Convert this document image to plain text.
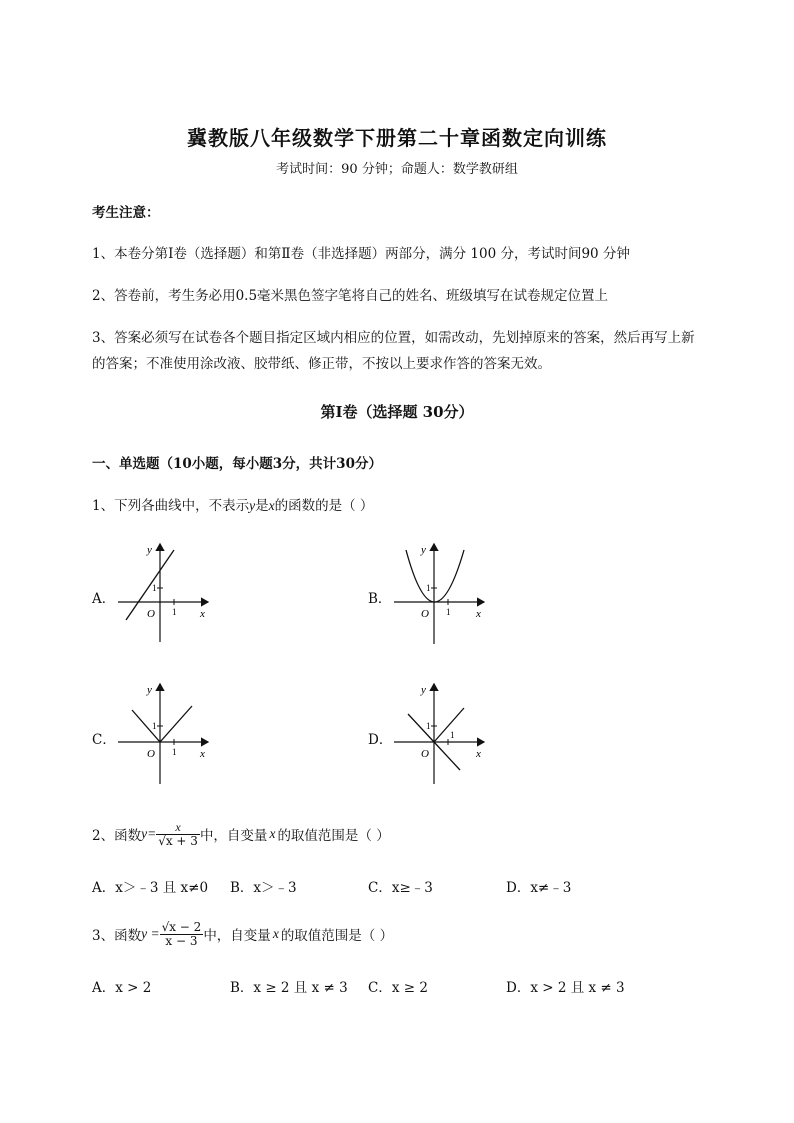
冀教版八年级数学下册第二十章函数定向训练
考试时间：90 分钟；命题人：数学教研组
考生注意：
1、本卷分第Ⅰ卷（选择题）和第Ⅱ卷（非选择题）两部分，满分 100 分，考试时间90 分钟
2、答卷前，考生务必用0.5毫米黑色签字笔将自己的姓名、班级填写在试卷规定位置上
3、答案必须写在试卷各个题目指定区域内相应的位置，如需改动，先划掉原来的答案，然后再写上新
的答案；不准使用涂改液、胶带纸、修正带，不按以上要求作答的答案无效。
第Ⅰ卷（选择题 30分）
一、单选题（10小题，每小题3分，共计30分）
1、下列各曲线中，不表示y是x的函数的是（ ）
A．	B．
C．	D．
y
x
O 1
1
y
x
O 1
1
y
x
O 1
1
y
x
O
1
1
2、函数 $y= \frac{x}{√x + 3}$ 中，自变量 x 的取值范围是（ ）
A．x＞﹣3 且 x≠0 B．x＞﹣3	C．x≥﹣3	D．x≠﹣3
3、函数 $y = \frac{√x - 2}{x - 3}$ 中，自变量 x 的取值范围是（ ）
A．x > 2	B．x ≥ 2 且 x ≠ 3 C．x ≥ 2	D．x > 2 且 x ≠ 3
